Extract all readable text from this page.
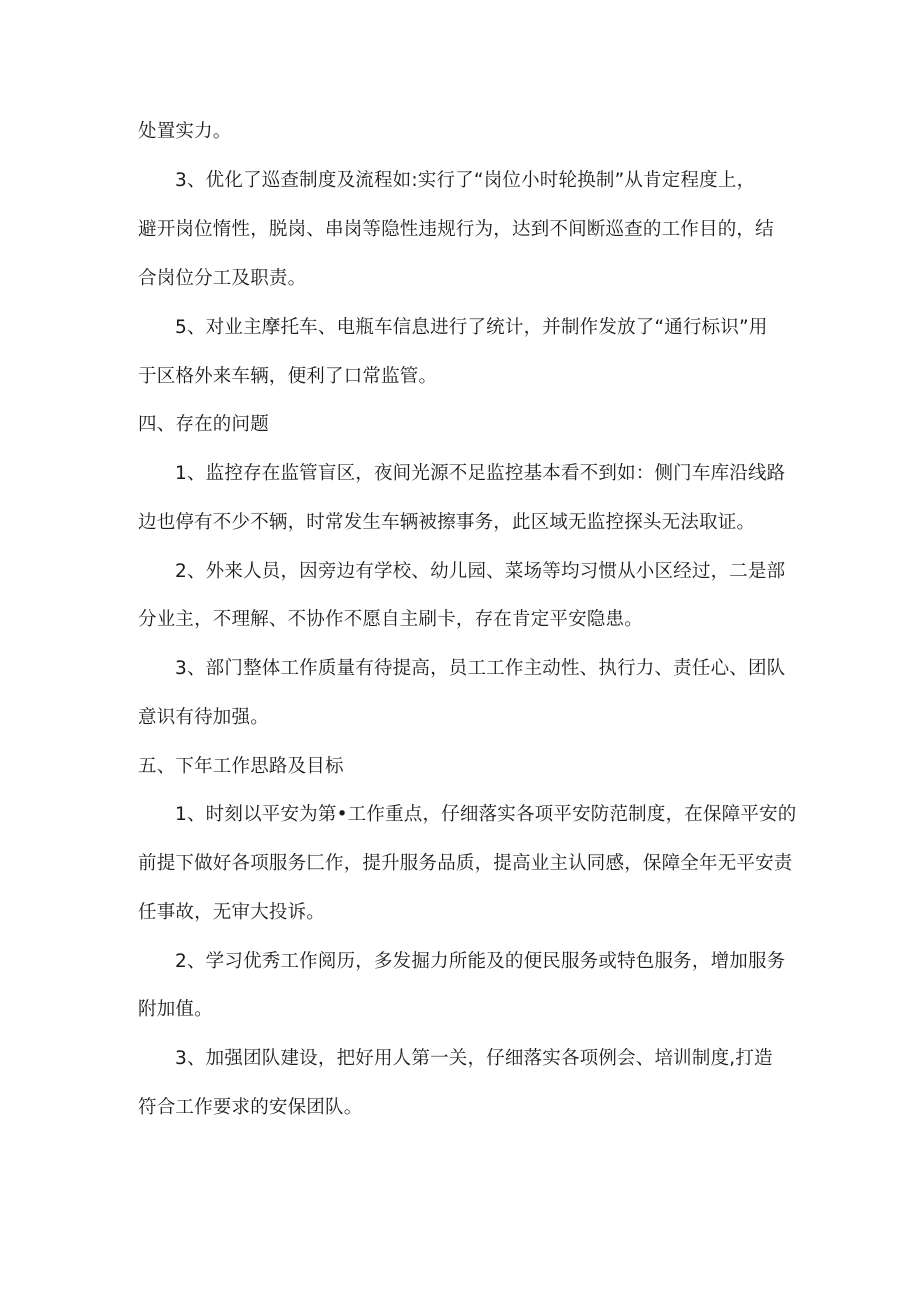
处置实力。

3、优化了巡查制度及流程如:实行了“岗位小时轮换制”从肯定程度上，

避开岗位惰性，脱岗、串岗等隐性违规行为，达到不间断巡查的工作目的，结

合岗位分工及职责。

5、对业主摩托车、电瓶车信息进行了统计，并制作发放了“通行标识”用

于区格外来车辆，便利了口常监管。

四、存在的问题

1、监控存在监管盲区，夜间光源不足监控基本看不到如：侧门车库沿线路

边也停有不少不辆，时常发生车辆被擦事务，此区域无监控探头无法取证。

2、外来人员，因旁边有学校、幼儿园、菜场等均习惯从小区经过，二是部

分业主，不理解、不协作不愿自主刷卡，存在肯定平安隐患。

3、部门整体工作质量有待提高，员工工作主动性、执行力、责任心、团队

意识有待加强。

五、下年工作思路及目标

1、时刻以平安为第•工作重点，仔细落实各项平安防范制度，在保障平安的

前提下做好各项服务匚作，提升服务品质，提高业主认同感，保障全年无平安责

任事故，无审大投诉。

2、学习优秀工作阅历，多发掘力所能及的便民服务或特色服务，增加服务

附加值。

3、加强团队建设，把好用人第一关，仔细落实各项例会、培训制度,打造

符合工作要求的安保团队。
